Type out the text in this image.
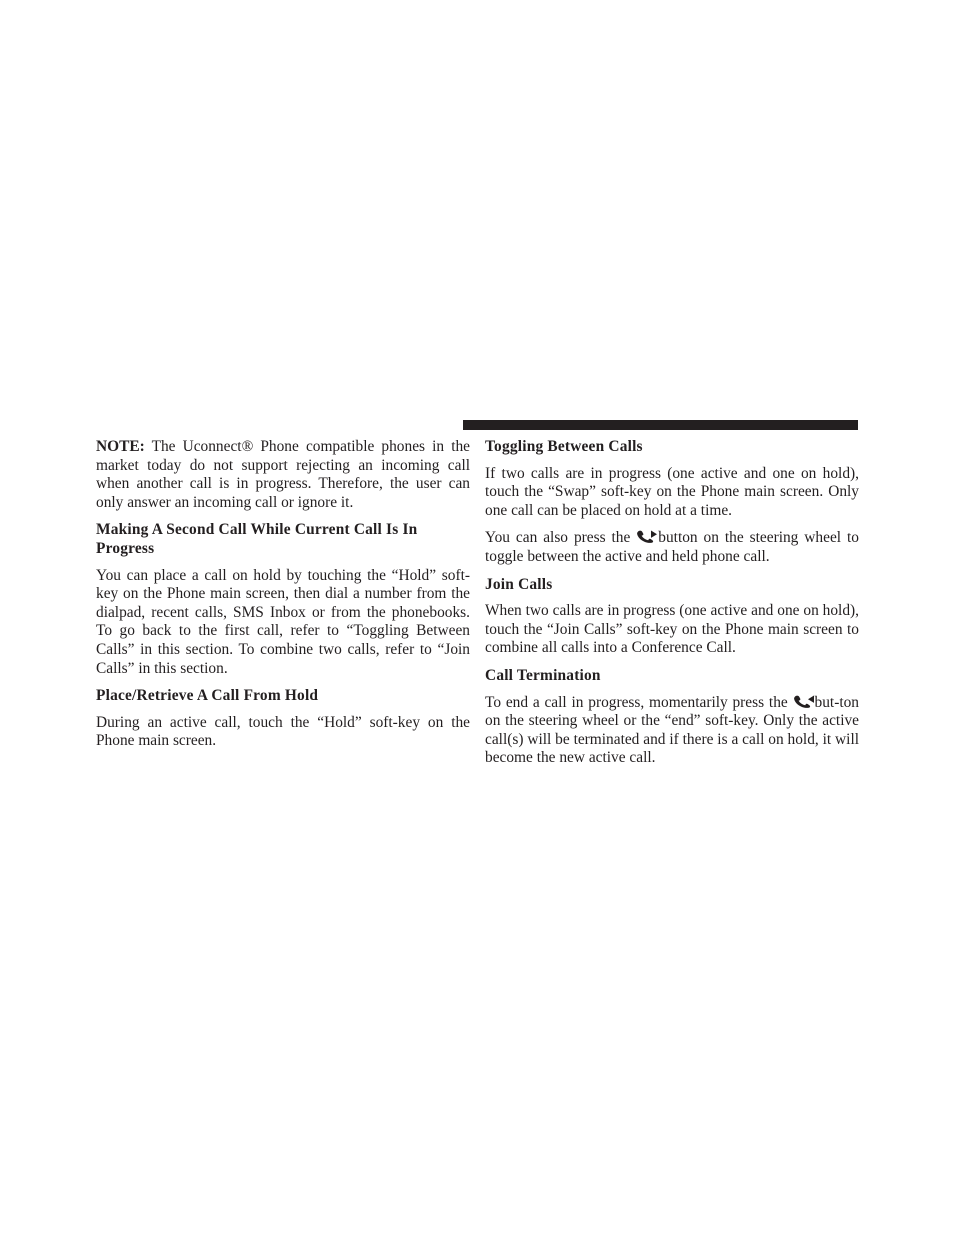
NOTE: The Uconnect® Phone compatible phones in the market today do not support rejecting an incoming call when another call is in progress. Therefore, the user can only answer an incoming call or ignore it.

Making A Second Call While Current Call Is In Progress

You can place a call on hold by touching the “Hold” soft-key on the Phone main screen, then dial a number from the dialpad, recent calls, SMS Inbox or from the phonebooks. To go back to the first call, refer to “Toggling Between Calls” in this section. To combine two calls, refer to “Join Calls” in this section.

Place/Retrieve A Call From Hold

During an active call, touch the “Hold” soft-key on the Phone main screen.

Toggling Between Calls

If two calls are in progress (one active and one on hold), touch the “Swap” soft-key on the Phone main screen. Only one call can be placed on hold at a time.

You can also press the
button on the steering wheel to toggle between the active and held phone call.

Join Calls

When two calls are in progress (one active and one on hold), touch the “Join Calls” soft-key on the Phone main screen to combine all calls into a Conference Call.

Call Termination

To end a call in progress, momentarily press the
but-ton on the steering wheel or the “end” soft-key. Only the active call(s) will be terminated and if there is a call on hold, it will become the new active call.
